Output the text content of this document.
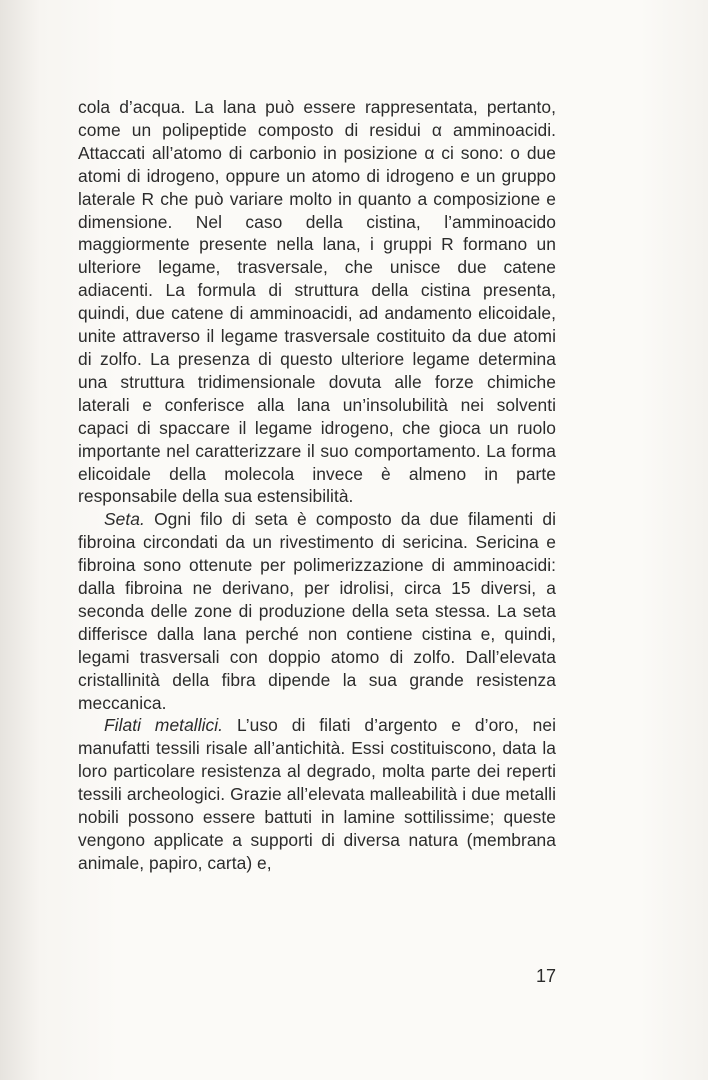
cola d’acqua. La lana può essere rappresentata, pertanto, come un polipeptide composto di residui α amminoacidi. Attaccati all’atomo di carbonio in posizione α ci sono: o due atomi di idrogeno, oppure un atomo di idrogeno e un gruppo laterale R che può variare molto in quanto a composizione e dimensione. Nel caso della cistina, l’amminoacido maggiormente presente nella lana, i gruppi R formano un ulteriore legame, trasversale, che unisce due catene adiacenti. La formula di struttura della cistina presenta, quindi, due catene di amminoacidi, ad andamento elicoidale, unite attraverso il legame trasversale costituito da due atomi di zolfo. La presenza di questo ulteriore legame determina una struttura tridimensionale dovuta alle forze chimiche laterali e conferisce alla lana un’insolubilità nei solventi capaci di spaccare il legame idrogeno, che gioca un ruolo importante nel caratterizzare il suo comportamento. La forma elicoidale della molecola invece è almeno in parte responsabile della sua estensibilità.

Seta. Ogni filo di seta è composto da due filamenti di fibroina circondati da un rivestimento di sericina. Sericina e fibroina sono ottenute per polimerizzazione di amminoacidi: dalla fibroina ne derivano, per idrolisi, circa 15 diversi, a seconda delle zone di produzione della seta stessa. La seta differisce dalla lana perché non contiene cistina e, quindi, legami trasversali con doppio atomo di zolfo. Dall’elevata cristallinità della fibra dipende la sua grande resistenza meccanica.

Filati metallici. L’uso di filati d’argento e d’oro, nei manufatti tessili risale all’antichità. Essi costituiscono, data la loro particolare resistenza al degrado, molta parte dei reperti tessili archeologici. Grazie all’elevata malleabilità i due metalli nobili possono essere battuti in lamine sottilissime; queste vengono applicate a supporti di diversa natura (membrana animale, papiro, carta) e,

17
